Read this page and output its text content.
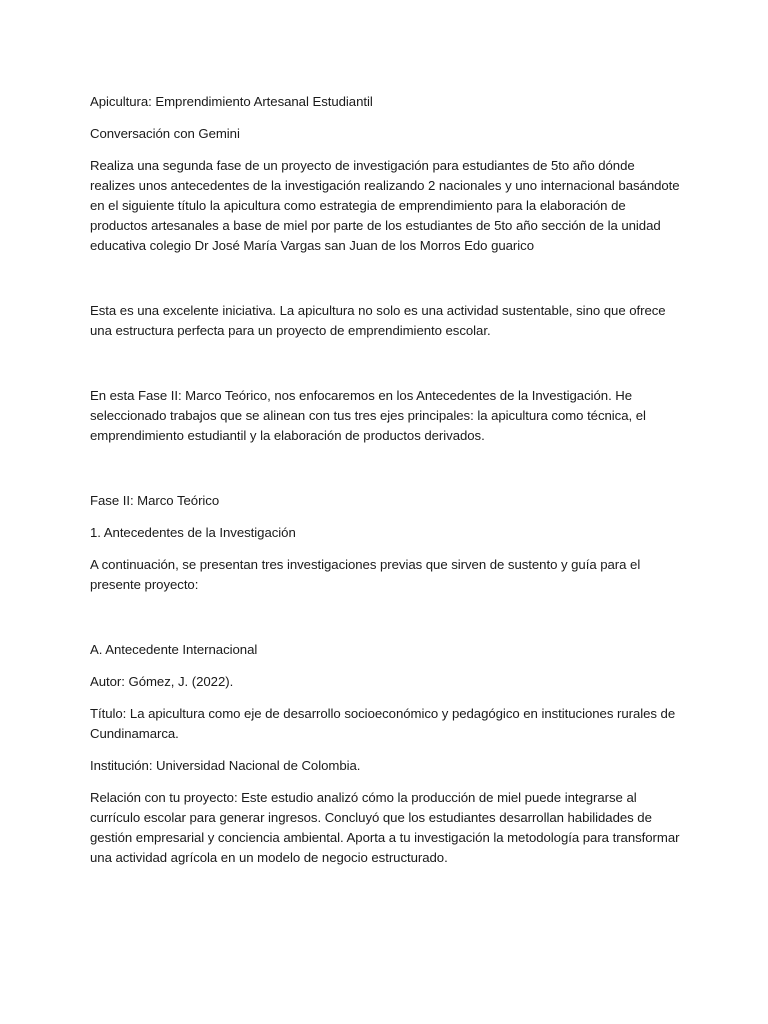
Apicultura: Emprendimiento Artesanal Estudiantil

Conversación con Gemini

Realiza una segunda fase de un proyecto de investigación para estudiantes de 5to año dónde realizes unos antecedentes de la investigación realizando 2 nacionales y uno internacional basándote en el siguiente título la apicultura como estrategia de emprendimiento para la elaboración de productos artesanales a base de miel por parte de los estudiantes de 5to año sección de la unidad educativa colegio Dr José María Vargas san Juan de los Morros Edo guarico

Esta es una excelente iniciativa. La apicultura no solo es una actividad sustentable, sino que ofrece una estructura perfecta para un proyecto de emprendimiento escolar.

En esta Fase II: Marco Teórico, nos enfocaremos en los Antecedentes de la Investigación. He seleccionado trabajos que se alinean con tus tres ejes principales: la apicultura como técnica, el emprendimiento estudiantil y la elaboración de productos derivados.

Fase II: Marco Teórico

1. Antecedentes de la Investigación

A continuación, se presentan tres investigaciones previas que sirven de sustento y guía para el presente proyecto:

A. Antecedente Internacional

Autor: Gómez, J. (2022).

Título: La apicultura como eje de desarrollo socioeconómico y pedagógico en instituciones rurales de Cundinamarca.

Institución: Universidad Nacional de Colombia.

Relación con tu proyecto: Este estudio analizó cómo la producción de miel puede integrarse al currículo escolar para generar ingresos. Concluyó que los estudiantes desarrollan habilidades de gestión empresarial y conciencia ambiental. Aporta a tu investigación la metodología para transformar una actividad agrícola en un modelo de negocio estructurado.
